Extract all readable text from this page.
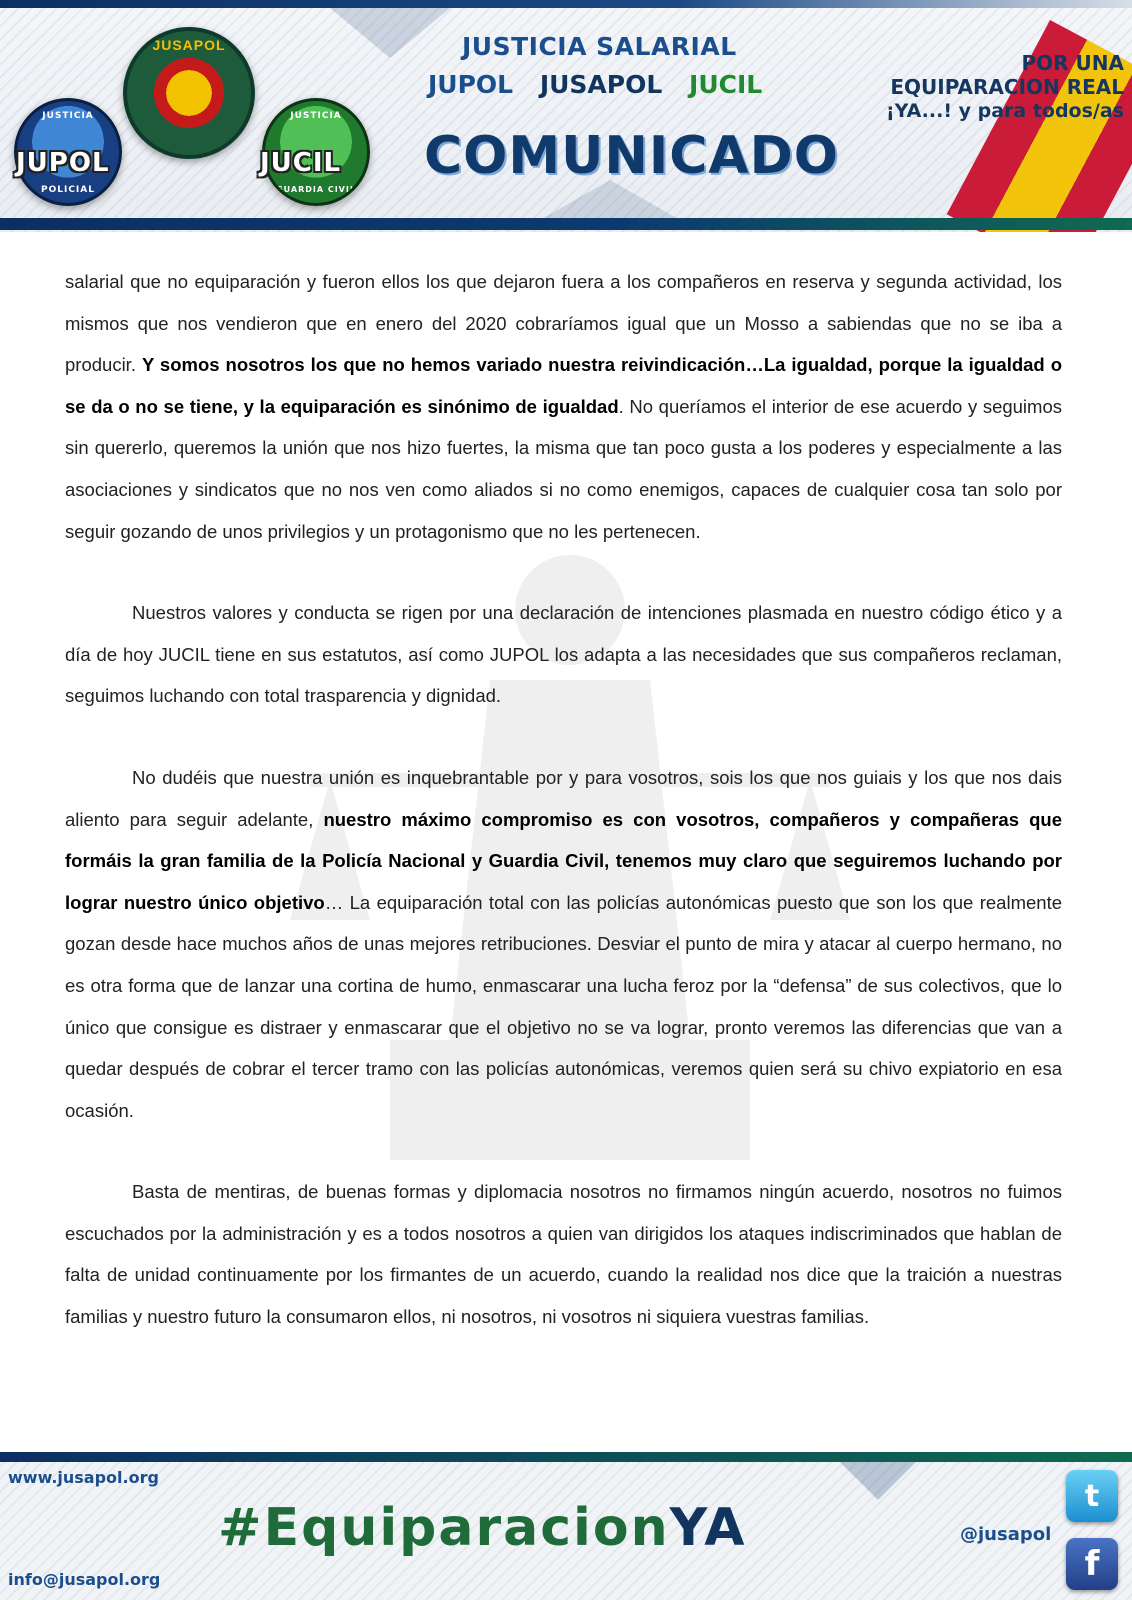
JUSAPOL
JUSTICIA
POLICIAL
JUPOL
JUSTICIA
GUARDIA CIVIL
JUCIL
JUSTICIA SALARIAL
JUPOL JUSAPOL JUCIL
COMUNICADO
POR UNA
EQUIPARACION REAL
¡YA...! y para todos/as

salarial que no equiparación y fueron ellos los que dejaron fuera a los compañeros en reserva y segunda actividad, los mismos que nos vendieron que en enero del 2020 cobraríamos igual que un Mosso a sabiendas que no se iba a producir. Y somos nosotros los que no hemos variado nuestra reivindicación…La igualdad, porque la igualdad o se da o no se tiene, y la equiparación es sinónimo de igualdad. No queríamos el interior de ese acuerdo y seguimos sin quererlo, queremos la unión que nos hizo fuertes, la misma que tan poco gusta a los poderes y especialmente a las asociaciones y sindicatos que no nos ven como aliados si no como enemigos, capaces de cualquier cosa tan solo por seguir gozando de unos privilegios y un protagonismo que no les pertenecen.

Nuestros valores y conducta se rigen por una declaración de intenciones plasmada en nuestro código ético y a día de hoy JUCIL tiene en sus estatutos, así como JUPOL los adapta a las necesidades que sus compañeros reclaman, seguimos luchando con total trasparencia y dignidad.

No dudéis que nuestra unión es inquebrantable por y para vosotros, sois los que nos guiais y los que nos dais aliento para seguir adelante, nuestro máximo compromiso es con vosotros, compañeros y compañeras que formáis la gran familia de la Policía Nacional y Guardia Civil, tenemos muy claro que seguiremos luchando por lograr nuestro único objetivo… La equiparación total con las policías autonómicas puesto que son los que realmente gozan desde hace muchos años de unas mejores retribuciones. Desviar el punto de mira y atacar al cuerpo hermano, no es otra forma que de lanzar una cortina de humo, enmascarar una lucha feroz por la “defensa” de sus colectivos, que lo único que consigue es distraer y enmascarar que el objetivo no se va lograr, pronto veremos las diferencias que van a quedar después de cobrar el tercer tramo con las policías autonómicas, veremos quien será su chivo expiatorio en esa ocasión.

Basta de mentiras, de buenas formas y diplomacia nosotros no firmamos ningún acuerdo, nosotros no fuimos escuchados por la administración y es a todos nosotros a quien van dirigidos los ataques indiscriminados que hablan de falta de unidad continuamente por los firmantes de un acuerdo, cuando la realidad nos dice que la traición a nuestras familias y nuestro futuro la consumaron ellos, ni nosotros, ni vosotros ni siquiera vuestras familias.

www.jusapol.org
#EquiparacionYA	@jusapol
t
f
info@jusapol.org
